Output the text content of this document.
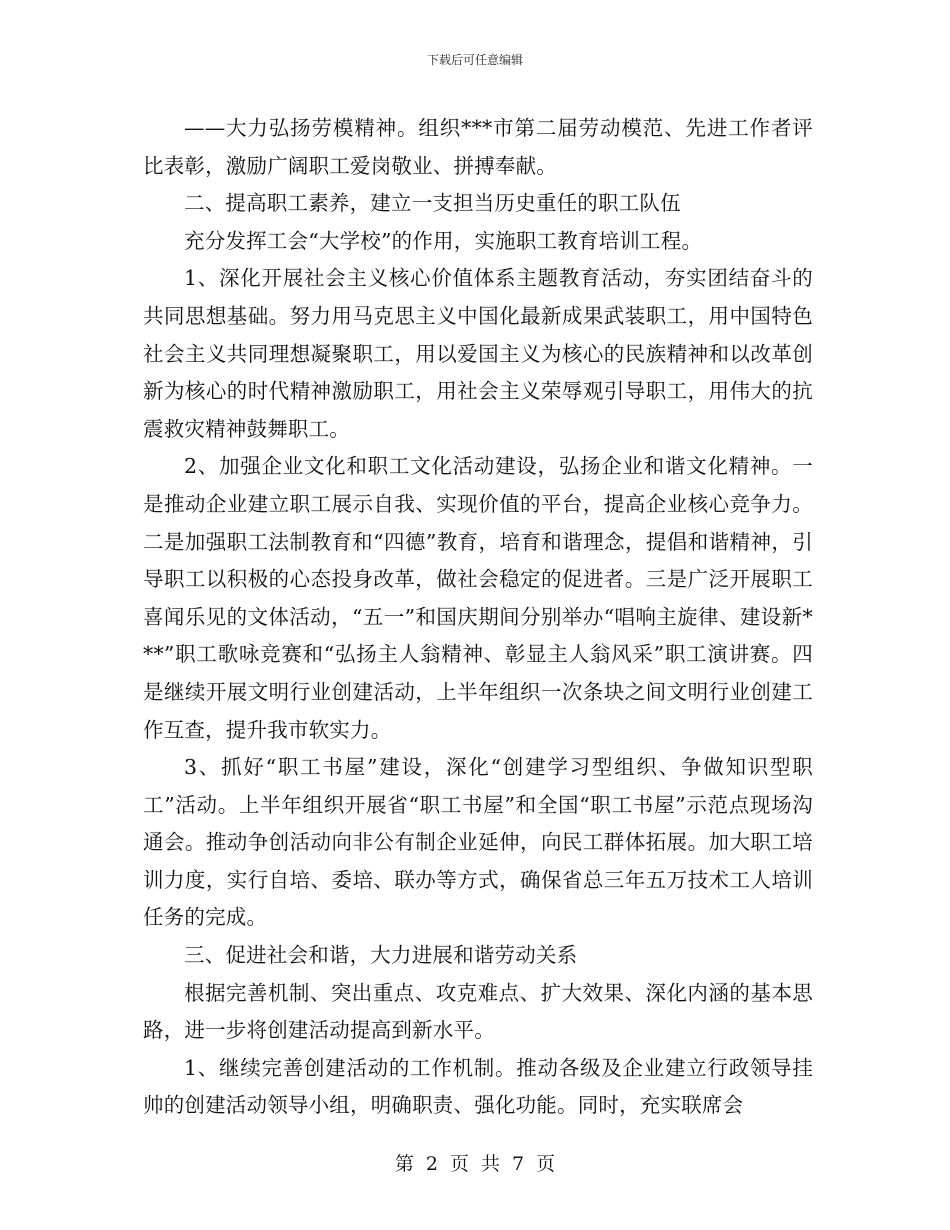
下载后可任意编辑

——大力弘扬劳模精神。组织***市第二届劳动模范、先进工作者评比表彰，激励广阔职工爱岗敬业、拼搏奉献。

二、提高职工素养，建立一支担当历史重任的职工队伍

充分发挥工会“大学校”的作用，实施职工教育培训工程。

1、深化开展社会主义核心价值体系主题教育活动，夯实团结奋斗的共同思想基础。努力用马克思主义中国化最新成果武装职工，用中国特色社会主义共同理想凝聚职工，用以爱国主义为核心的民族精神和以改革创新为核心的时代精神激励职工，用社会主义荣辱观引导职工，用伟大的抗震救灾精神鼓舞职工。

2、加强企业文化和职工文化活动建设，弘扬企业和谐文化精神。一是推动企业建立职工展示自我、实现价值的平台，提高企业核心竞争力。二是加强职工法制教育和“四德”教育，培育和谐理念，提倡和谐精神，引导职工以积极的心态投身改革，做社会稳定的促进者。三是广泛开展职工喜闻乐见的文体活动，“五一”和国庆期间分别举办“唱响主旋律、建设新***”职工歌咏竞赛和“弘扬主人翁精神、彰显主人翁风采”职工演讲赛。四是继续开展文明行业创建活动，上半年组织一次条块之间文明行业创建工作互查，提升我市软实力。

3、抓好“职工书屋”建设，深化“创建学习型组织、争做知识型职工”活动。上半年组织开展省“职工书屋”和全国“职工书屋”示范点现场沟通会。推动争创活动向非公有制企业延伸，向民工群体拓展。加大职工培训力度，实行自培、委培、联办等方式，确保省总三年五万技术工人培训任务的完成。

三、促进社会和谐，大力进展和谐劳动关系

根据完善机制、突出重点、攻克难点、扩大效果、深化内涵的基本思路，进一步将创建活动提高到新水平。

1、继续完善创建活动的工作机制。推动各级及企业建立行政领导挂帅的创建活动领导小组，明确职责、强化功能。同时，充实联席会

第 2 页 共 7 页
